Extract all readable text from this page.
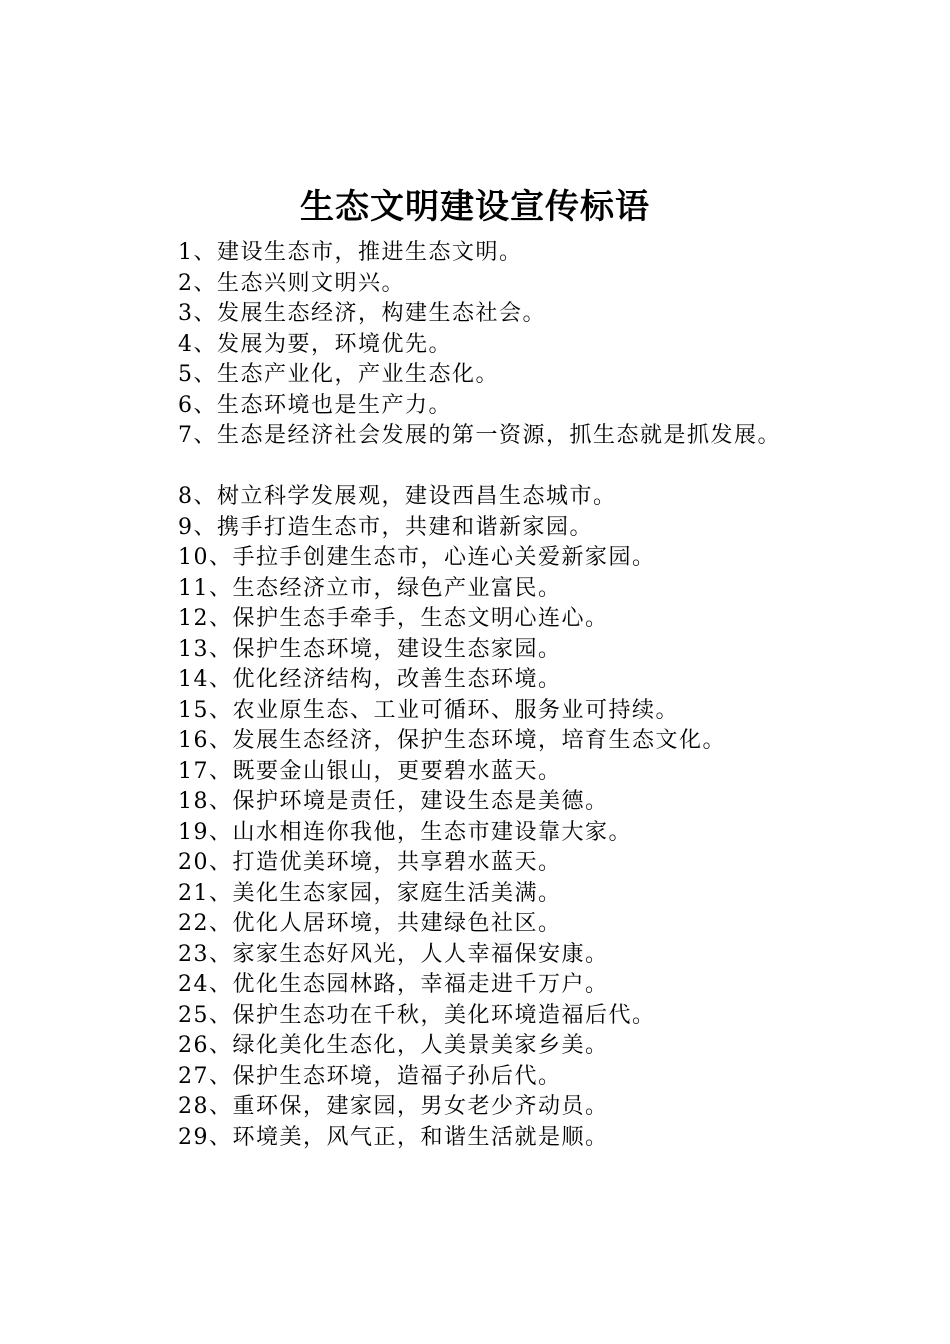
生态文明建设宣传标语
1、建设生态市，推进生态文明。
2、生态兴则文明兴。
3、发展生态经济，构建生态社会。
4、发展为要，环境优先。
5、生态产业化，产业生态化。
6、生态环境也是生产力。
7、生态是经济社会发展的第一资源，抓生态就是抓发展。
8、树立科学发展观，建设西昌生态城市。
9、携手打造生态市，共建和谐新家园。
10、手拉手创建生态市，心连心关爱新家园。
11、生态经济立市，绿色产业富民。
12、保护生态手牵手，生态文明心连心。
13、保护生态环境，建设生态家园。
14、优化经济结构，改善生态环境。
15、农业原生态、工业可循环、服务业可持续。
16、发展生态经济，保护生态环境，培育生态文化。
17、既要金山银山，更要碧水蓝天。
18、保护环境是责任，建设生态是美德。
19、山水相连你我他，生态市建设靠大家。
20、打造优美环境，共享碧水蓝天。
21、美化生态家园，家庭生活美满。
22、优化人居环境，共建绿色社区。
23、家家生态好风光，人人幸福保安康。
24、优化生态园林路，幸福走进千万户。
25、保护生态功在千秋，美化环境造福后代。
26、绿化美化生态化，人美景美家乡美。
27、保护生态环境，造福子孙后代。
28、重环保，建家园，男女老少齐动员。
29、环境美，风气正，和谐生活就是顺。
